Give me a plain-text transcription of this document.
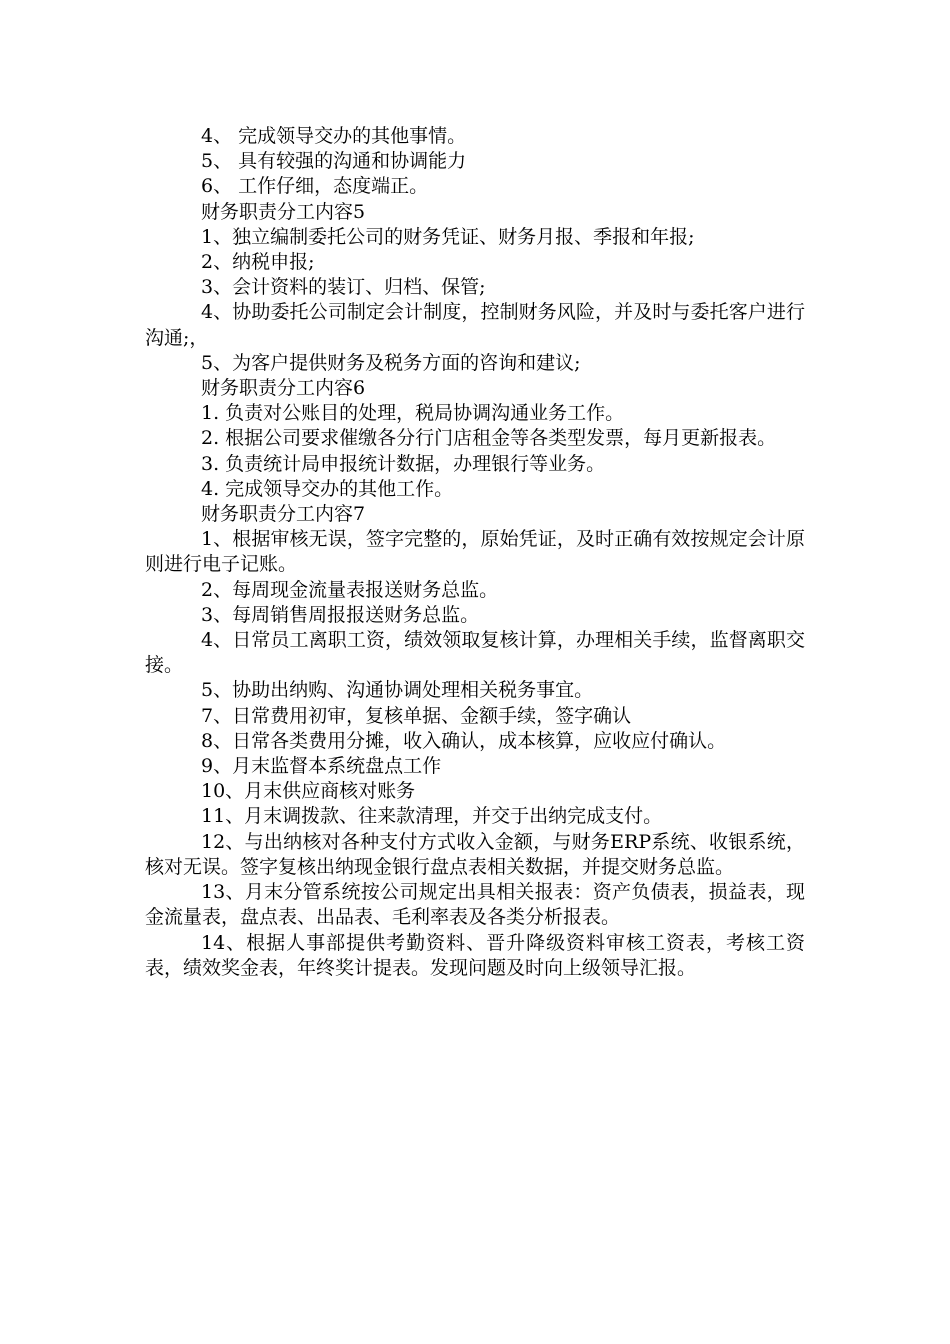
4、 完成领导交办的其他事情。

5、 具有较强的沟通和协调能力

6、 工作仔细，态度端正。

财务职责分工内容5

1、独立编制委托公司的财务凭证、财务月报、季报和年报;

2、纳税申报;

3、会计资料的装订、归档、保管;

4、协助委托公司制定会计制度，控制财务风险，并及时与委托客户进行沟通;，

5、为客户提供财务及税务方面的咨询和建议;

财务职责分工内容6

1. 负责对公账目的处理，税局协调沟通业务工作。

2. 根据公司要求催缴各分行门店租金等各类型发票，每月更新报表。

3. 负责统计局申报统计数据，办理银行等业务。

4. 完成领导交办的其他工作。

财务职责分工内容7

1、根据审核无误，签字完整的，原始凭证，及时正确有效按规定会计原则进行电子记账。

2、每周现金流量表报送财务总监。

3、每周销售周报报送财务总监。

4、日常员工离职工资，绩效领取复核计算，办理相关手续，监督离职交接。

5、协助出纳购、沟通协调处理相关税务事宜。

7、日常费用初审，复核单据、金额手续，签字确认

8、日常各类费用分摊，收入确认，成本核算，应收应付确认。

9、月末监督本系统盘点工作

10、月末供应商核对账务

11、月末调拨款、往来款清理，并交于出纳完成支付。

12、与出纳核对各种支付方式收入金额，与财务ERP系统、收银系统，核对无误。签字复核出纳现金银行盘点表相关数据，并提交财务总监。

13、月末分管系统按公司规定出具相关报表：资产负债表，损益表，现金流量表，盘点表、出品表、毛利率表及各类分析报表。

14、根据人事部提供考勤资料、晋升降级资料审核工资表，考核工资表，绩效奖金表，年终奖计提表。发现问题及时向上级领导汇报。
